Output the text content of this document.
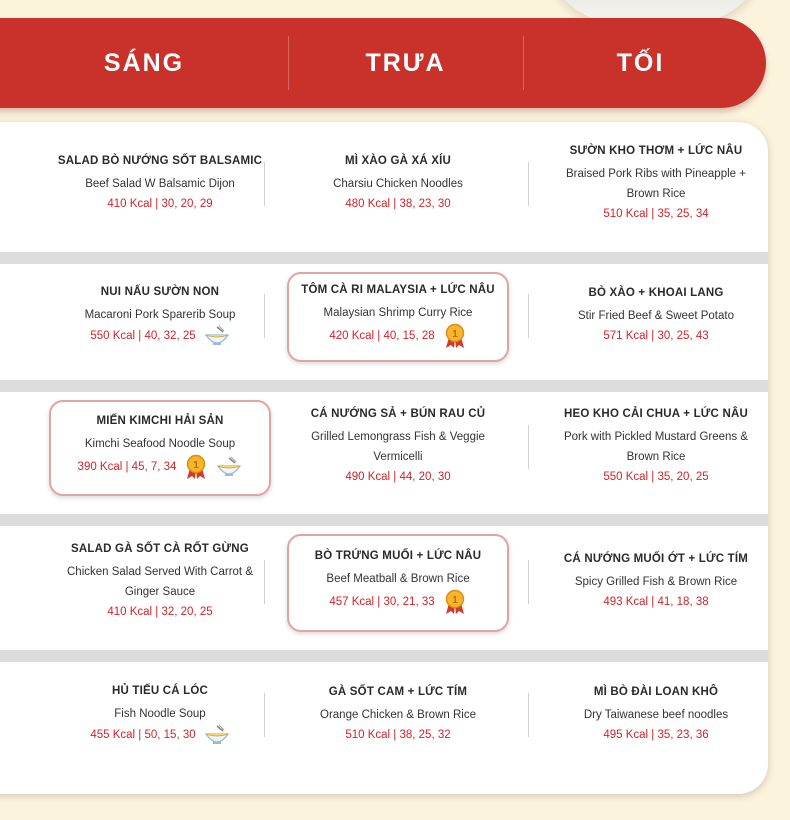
SÁNG	TRƯA	TỐI
SALAD BÒ NƯỚNG SỐT BALSAMIC
Beef Salad W Balsamic Dijon
410 Kcal | 30, 20, 29
MÌ XÀO GÀ XÁ XÍU
Charsiu Chicken Noodles
480 Kcal | 38, 23, 30
SƯỜN KHO THƠM + LỨC NÂU
Braised Pork Ribs with Pineapple +
Brown Rice
510 Kcal | 35, 25, 34
NUI NẤU SƯỜN NON
Macaroni Pork Sparerib Soup
550 Kcal | 40, 32, 25
TÔM CÀ RI MALAYSIA + LỨC NÂU
Malaysian Shrimp Curry Rice
420 Kcal | 40, 15, 28 1
BÒ XÀO + KHOAI LANG
Stir Fried Beef & Sweet Potato
571 Kcal | 30, 25, 43
MIẾN KIMCHI HẢI SẢN
Kimchi Seafood Noodle Soup
390 Kcal | 45, 7, 34 1
CÁ NƯỚNG SẢ + BÚN RAU CỦ
Grilled Lemongrass Fish & Veggie
Vermicelli
490 Kcal | 44, 20, 30
HEO KHO CẢI CHUA + LỨC NÂU
Pork with Pickled Mustard Greens &
Brown Rice
550 Kcal | 35, 20, 25
SALAD GÀ SỐT CÀ RỐT GỪNG
Chicken Salad Served With Carrot &
Ginger Sauce
410 Kcal | 32, 20, 25
BÒ TRỨNG MUỐI + LỨC NÂU
Beef Meatball & Brown Rice
457 Kcal | 30, 21, 33 1
CÁ NƯỚNG MUỐI ỚT + LỨC TÍM
Spicy Grilled Fish & Brown Rice
493 Kcal | 41, 18, 38
HỦ TIẾU CÁ LÓC
Fish Noodle Soup
455 Kcal | 50, 15, 30
GÀ SỐT CAM + LỨC TÍM
Orange Chicken & Brown Rice
510 Kcal | 38, 25, 32
MÌ BÒ ĐÀI LOAN KHÔ
Dry Taiwanese beef noodles
495 Kcal | 35, 23, 36
